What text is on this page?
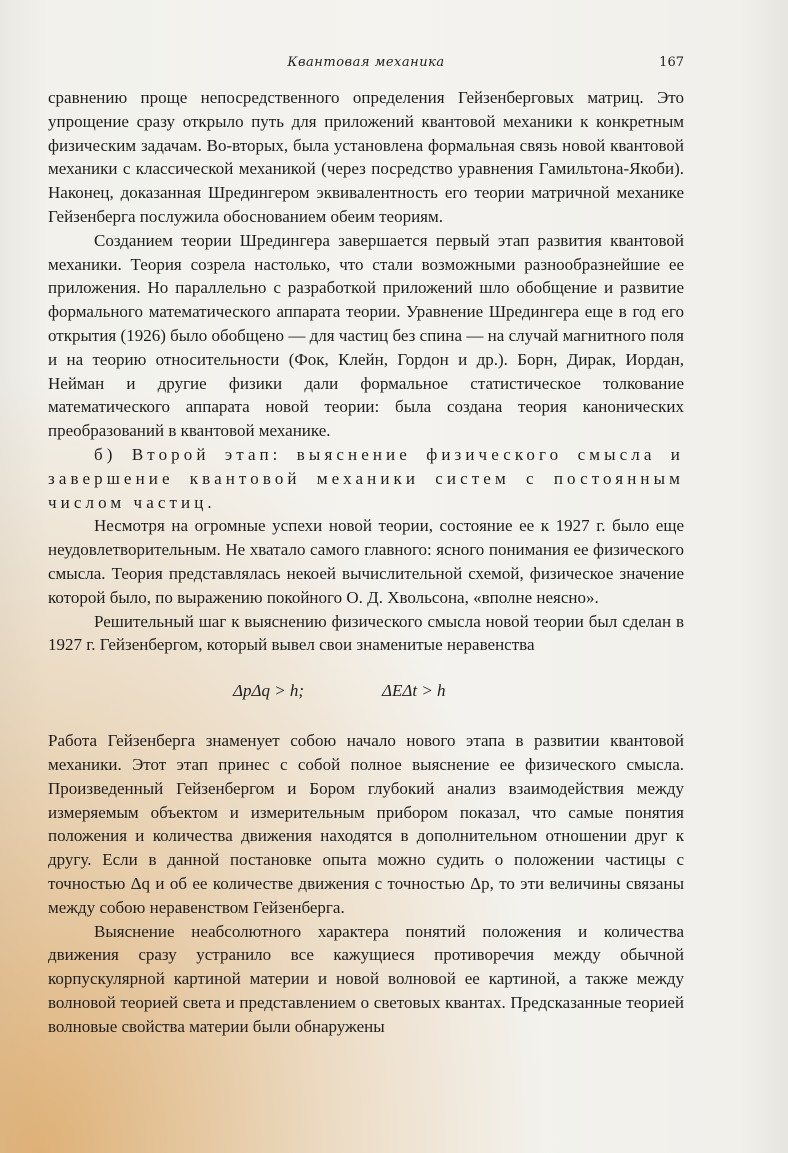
Квантовая механика	167

сравнению проще непосредственного определения Гейзенберговых матриц. Это упрощение сразу открыло путь для приложений квантовой механики к конкретным физическим задачам. Во-вторых, была установлена формальная связь новой квантовой механики с классической механикой (через посредство уравнения Гамильтона-Якоби). Наконец, доказанная Шредингером эквивалентность его теории матричной механике Гейзенберга послужила обоснованием обеим теориям.

Созданием теории Шредингера завершается первый этап развития квантовой механики. Теория созрела настолько, что стали возможными разнообразнейшие ее приложения. Но параллельно с разработкой приложений шло обобщение и развитие формального математического аппарата теории. Уравнение Шредингера еще в год его открытия (1926) было обобщено — для частиц без спина — на случай магнитного поля и на теорию относительности (Фок, Клейн, Гордон и др.). Борн, Дирак, Иордан, Нейман и другие физики дали формальное статистическое толкование математического аппарата новой теории: была создана теория канонических преобразований в квантовой механике.

б) Второй этап: выяснение физического смысла и завершение квантовой механики систем с постоянным числом частиц.

Несмотря на огромные успехи новой теории, состояние ее к 1927 г. было еще неудовлетворительным. Не хватало самого главного: ясного понимания ее физического смысла. Теория представлялась некоей вычислительной схемой, физическое значение которой было, по выражению покойного О. Д. Хвольсона, «вполне неясно».

Решительный шаг к выяснению физического смысла новой теории был сделан в 1927 г. Гейзенбергом, который вывел свои знаменитые неравенства

ΔpΔq > h;	ΔEΔt > h

Работа Гейзенберга знаменует собою начало нового этапа в развитии квантовой механики. Этот этап принес с собой полное выяснение ее физического смысла. Произведенный Гейзенбергом и Бором глубокий анализ взаимодействия между измеряемым объектом и измерительным прибором показал, что самые понятия положения и количества движения находятся в дополнительном отношении друг к другу. Если в данной постановке опыта можно судить о положении частицы с точностью Δq и об ее количестве движения с точностью Δp, то эти величины связаны между собою неравенством Гейзенберга.

Выяснение неабсолютного характера понятий положения и количества движения сразу устранило все кажущиеся противоречия между обычной корпускулярной картиной материи и новой волновой ее картиной, а также между волновой теорией света и представлением о световых квантах. Предсказанные теорией волновые свойства материи были обнаружены
